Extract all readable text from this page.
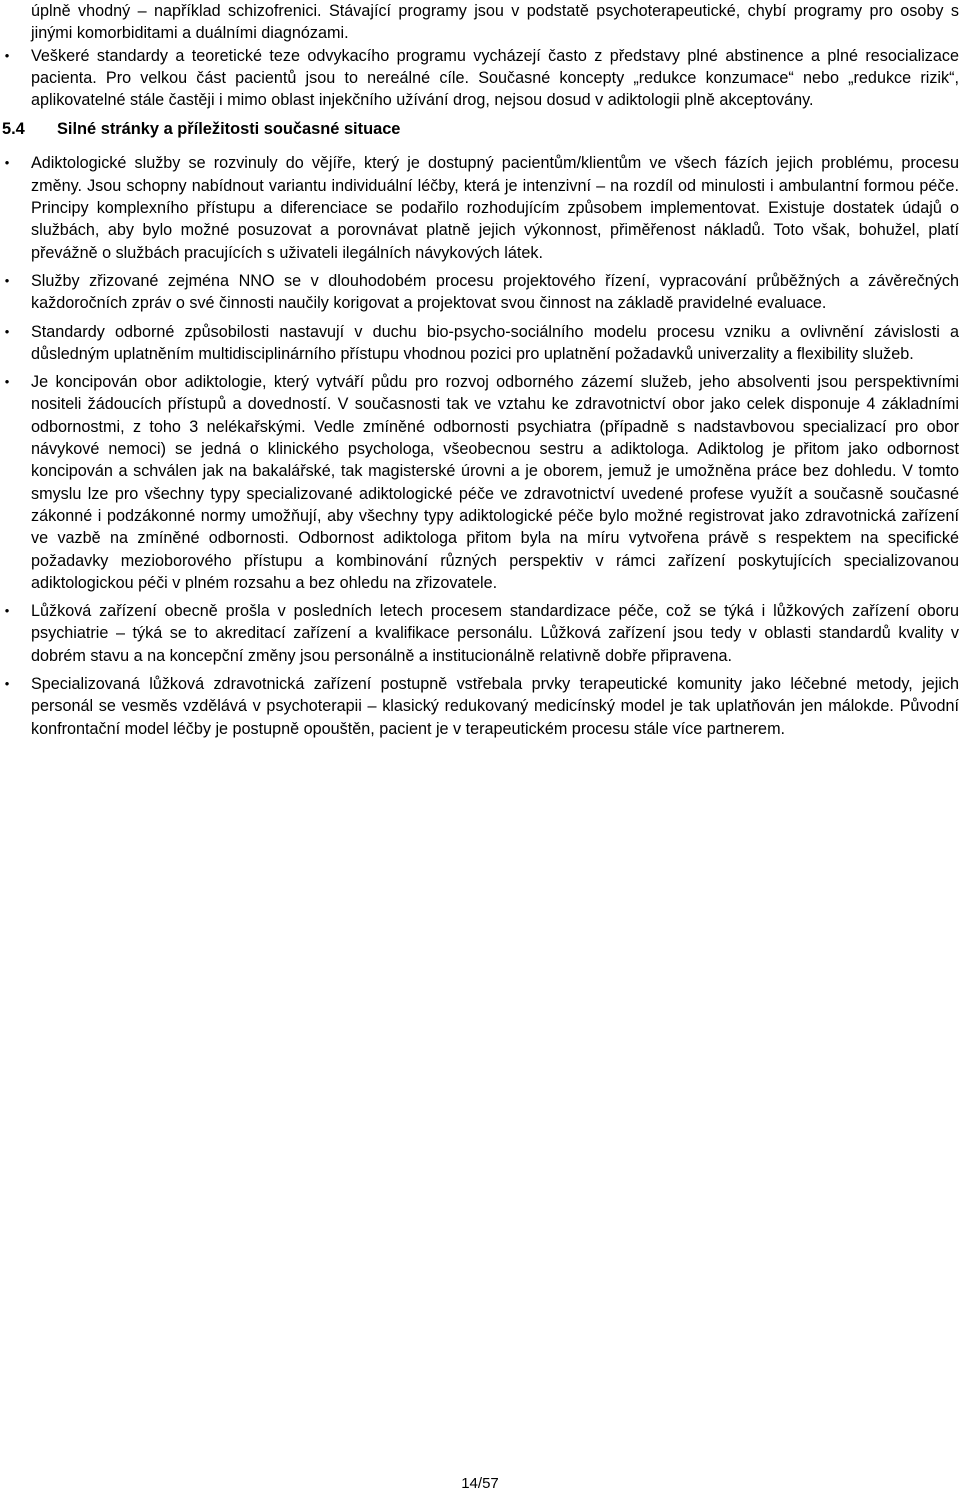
úplně vhodný – například schizofrenici. Stávající programy jsou v podstatě psychoterapeutické, chybí programy pro osoby s jinými komorbiditami a duálními diagnózami.

• Veškeré standardy a teoretické teze odvykacího programu vycházejí často z představy plné abstinence a plné resocializace pacienta. Pro velkou část pacientů jsou to nereálné cíle. Současné koncepty „redukce konzumace“ nebo „redukce rizik“, aplikovatelné stále častěji i mimo oblast injekčního užívání drog, nejsou dosud v adiktologii plně akceptovány.
5.4 Silné stránky a příležitosti současné situace
• Adiktologické služby se rozvinuly do vějíře, který je dostupný pacientům/klientům ve všech fázích jejich problému, procesu změny. Jsou schopny nabídnout variantu individuální léčby, která je intenzivní – na rozdíl od minulosti i ambulantní formou péče. Principy komplexního přístupu a diferenciace se podařilo rozhodujícím způsobem implementovat. Existuje dostatek údajů o službách, aby bylo možné posuzovat a porovnávat platně jejich výkonnost, přiměřenost nákladů. Toto však, bohužel, platí převážně o službách pracujících s uživateli ilegálních návykových látek.
• Služby zřizované zejména NNO se v dlouhodobém procesu projektového řízení, vypracování průběžných a závěrečných každoročních zpráv o své činnosti naučily korigovat a projektovat svou činnost na základě pravidelné evaluace.
• Standardy odborné způsobilosti nastavují v duchu bio-psycho-sociálního modelu procesu vzniku a ovlivnění závislosti a důsledným uplatněním multidisciplinárního přístupu vhodnou pozici pro uplatnění požadavků univerzality a flexibility služeb.
• Je koncipován obor adiktologie, který vytváří půdu pro rozvoj odborného zázemí služeb, jeho absolventi jsou perspektivními nositeli žádoucích přístupů a dovedností. V současnosti tak ve vztahu ke zdravotnictví obor jako celek disponuje 4 základními odbornostmi, z toho 3 nelékařskými. Vedle zmíněné odbornosti psychiatra (případně s nadstavbovou specializací pro obor návykové nemoci) se jedná o klinického psychologa, všeobecnou sestru a adiktologa. Adiktolog je přitom jako odbornost koncipován a schválen jak na bakalářské, tak magisterské úrovni a je oborem, jemuž je umožněna práce bez dohledu. V tomto smyslu lze pro všechny typy specializované adiktologické péče ve zdravotnictví uvedené profese využít a současně současné zákonné i podzákonné normy umožňují, aby všechny typy adiktologické péče bylo možné registrovat jako zdravotnická zařízení ve vazbě na zmíněné odbornosti. Odbornost adiktologa přitom byla na míru vytvořena právě s respektem na specifické požadavky mezioborového přístupu a kombinování různých perspektiv v rámci zařízení poskytujících specializovanou adiktologickou péči v plném rozsahu a bez ohledu na zřizovatele.
• Lůžková zařízení obecně prošla v posledních letech procesem standardizace péče, což se týká i lůžkových zařízení oboru psychiatrie – týká se to akreditací zařízení a kvalifikace personálu. Lůžková zařízení jsou tedy v oblasti standardů kvality v dobrém stavu a na koncepční změny jsou personálně a institucionálně relativně dobře připravena.
• Specializovaná lůžková zdravotnická zařízení postupně vstřebala prvky terapeutické komunity jako léčebné metody, jejich personál se vesměs vzdělává v psychoterapii – klasický redukovaný medicínský model je tak uplatňován jen málokde. Původní konfrontační model léčby je postupně opouštěn, pacient je v terapeutickém procesu stále více partnerem.
14/57
